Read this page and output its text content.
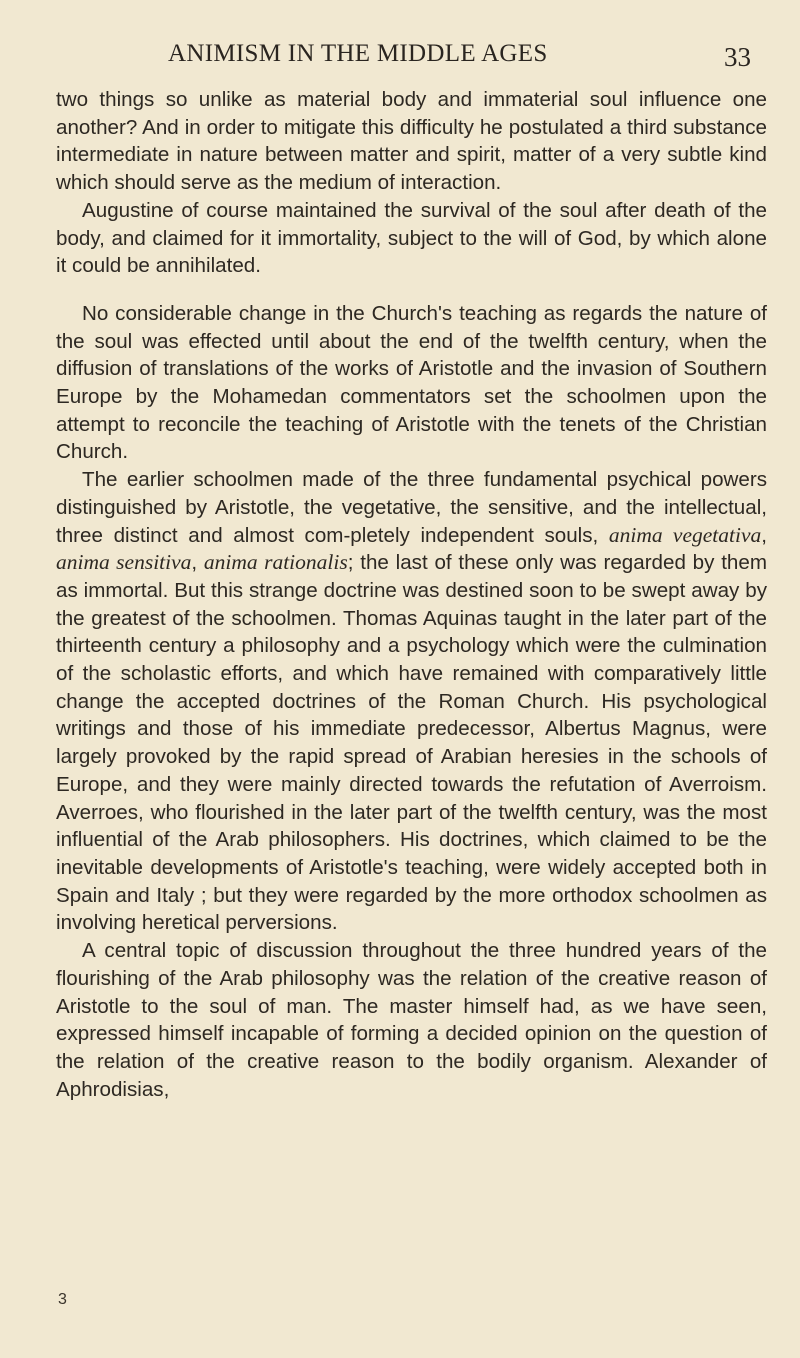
ANIMISM IN THE MIDDLE AGES	33

two things so unlike as material body and immaterial soul influence one another? And in order to mitigate this difficulty he postulated a third substance intermediate in nature between matter and spirit, matter of a very subtle kind which should serve as the medium of interaction.

Augustine of course maintained the survival of the soul after death of the body, and claimed for it immortality, subject to the will of God, by which alone it could be annihilated.

No considerable change in the Church's teaching as regards the nature of the soul was effected until about the end of the twelfth century, when the diffusion of translations of the works of Aristotle and the invasion of Southern Europe by the Mohamedan commentators set the schoolmen upon the attempt to reconcile the teaching of Aristotle with the tenets of the Christian Church.

The earlier schoolmen made of the three fundamental psychical powers distinguished by Aristotle, the vegetative, the sensitive, and the intellectual, three distinct and almost com-pletely independent souls, anima vegetativa, anima sensitiva, anima rationalis; the last of these only was regarded by them as immortal. But this strange doctrine was destined soon to be swept away by the greatest of the schoolmen. Thomas Aquinas taught in the later part of the thirteenth century a philosophy and a psychology which were the culmination of the scholastic efforts, and which have remained with comparatively little change the accepted doctrines of the Roman Church. His psychological writings and those of his immediate predecessor, Albertus Magnus, were largely provoked by the rapid spread of Arabian heresies in the schools of Europe, and they were mainly directed towards the refutation of Averroism. Averroes, who flourished in the later part of the twelfth century, was the most influential of the Arab philosophers. His doctrines, which claimed to be the inevitable developments of Aristotle's teaching, were widely accepted both in Spain and Italy ; but they were regarded by the more orthodox schoolmen as involving heretical perversions.

A central topic of discussion throughout the three hundred years of the flourishing of the Arab philosophy was the relation of the creative reason of Aristotle to the soul of man. The master himself had, as we have seen, expressed himself incapable of forming a decided opinion on the question of the relation of the creative reason to the bodily organism. Alexander of Aphrodisias,

3
